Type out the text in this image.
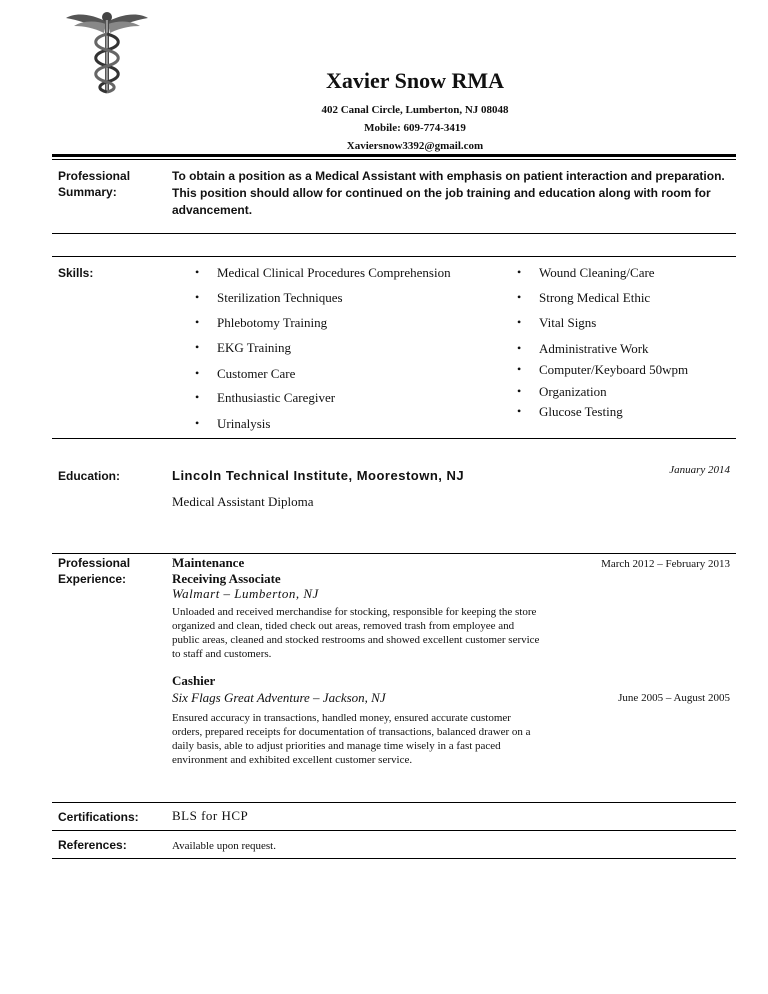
Xavier Snow RMA
402 Canal Circle, Lumberton, NJ 08048
Mobile: 609-774-3419
Xaviersnow3392@gmail.com
Professional
Summary:
To obtain a position as a Medical Assistant with emphasis on patient interaction and preparation. This position should allow for continued on the job training and education along with room for advancement.
Skills:
•	Medical Clinical Procedures Comprehension
• Sterilization Techniques
• Phlebotomy Training
• EKG Training
• Customer Care
• Enthusiastic Caregiver
• Urinalysis
• Wound Cleaning/Care
• Strong Medical Ethic
• Vital Signs
• Administrative Work
• Computer/Keyboard 50wpm
• Organization
• Glucose Testing
Education:	Lincoln Technical Institute, Moorestown, NJ	January 2014
Medical Assistant Diploma
Professional
Experience:
Maintenance
Receiving Associate
Walmart – Lumberton, NJ
March 2012 – February 2013
Unloaded and received merchandise for stocking, responsible for keeping the store organized and clean, tided check out areas, removed trash from employee and public areas, cleaned and stocked restrooms and showed excellent customer service to staff and customers.
Cashier
Six Flags Great Adventure – Jackson, NJ	June 2005 – August 2005
Ensured accuracy in transactions, handled money, ensured accurate customer orders, prepared receipts for documentation of transactions, balanced drawer on a daily basis, able to adjust priorities and manage time wisely in a fast paced environment and exhibited excellent customer service.
Certifications:	BLS for HCP
References:	Available upon request.
